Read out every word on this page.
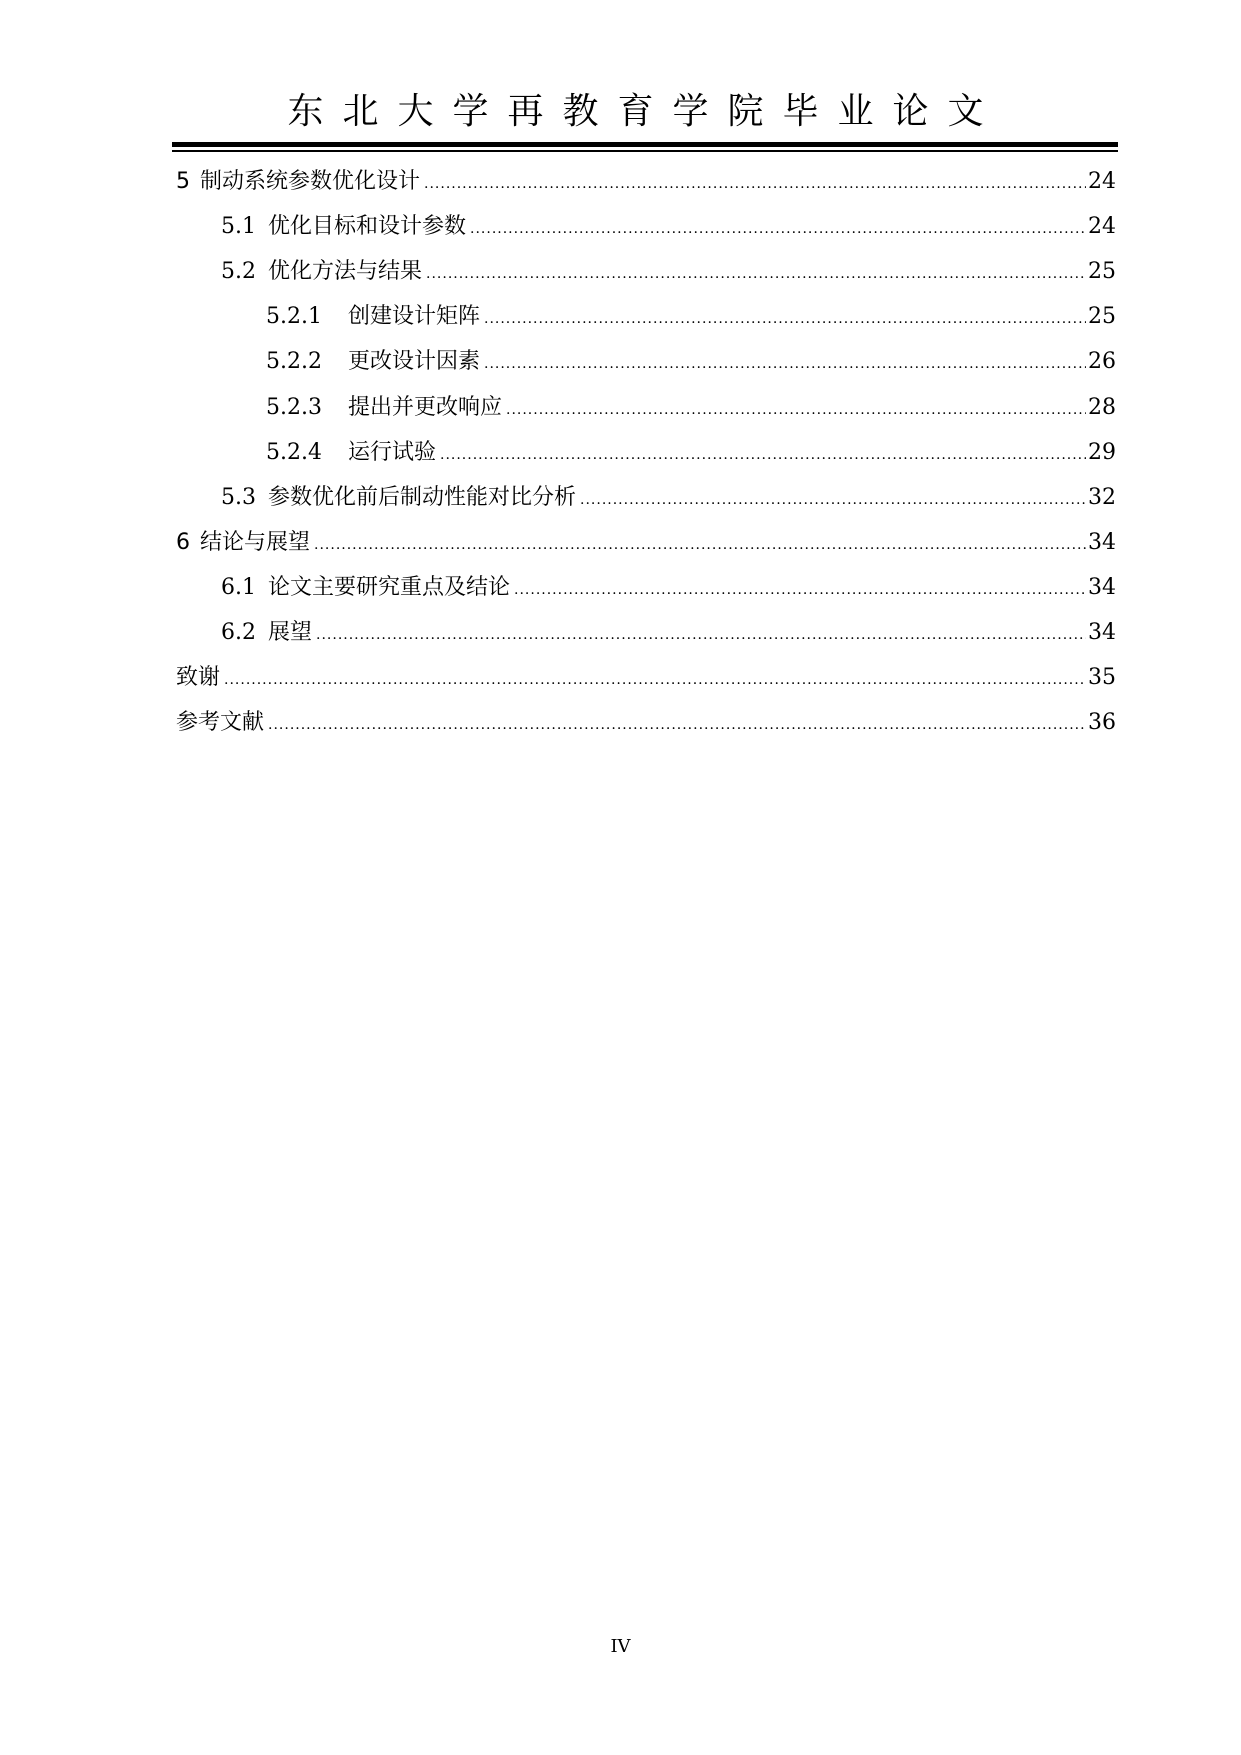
东北大学再教育学院毕业论文
5 制动系统参数优化设计 .....	24
5.1 优化目标和设计参数 .....	24
5.2 优化方法与结果 .....	25
5.2.1 创建设计矩阵 .....	25
5.2.2 更改设计因素 .....	26
5.2.3 提出并更改响应 .....	28
5.2.4 运行试验 .....	29
5.3 参数优化前后制动性能对比分析 .....	32
6 结论与展望 .....	34
6.1 论文主要研究重点及结论 .....	34
6.2 展望 .....	34
致谢 .....	35
参考文献 .....	36
IV
